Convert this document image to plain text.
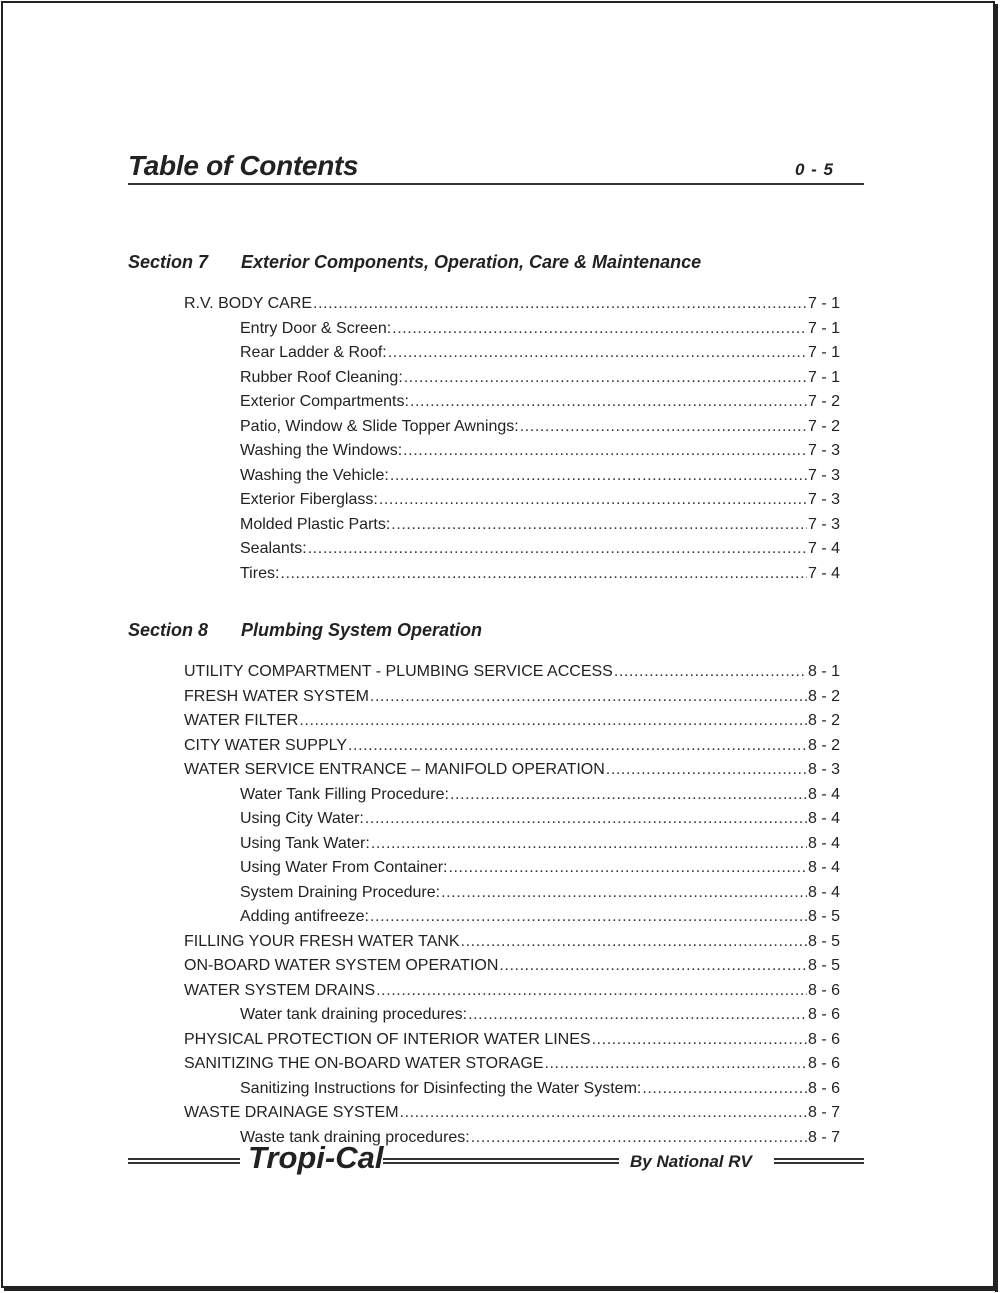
Table of Contents	0 - 5
Section 7 Exterior Components, Operation, Care & Maintenance
Section 8 Plumbing System Operation
R.V. BODY CARE .....	7 - 1
Entry Door & Screen: .....	7 - 1
Rear Ladder & Roof: .....	7 - 1
Rubber Roof Cleaning: .....	7 - 1
Exterior Compartments: .....	7 - 2
Patio, Window & Slide Topper Awnings: .....	7 - 2
Washing the Windows: .....	7 - 3
Washing the Vehicle: .....	7 - 3
Exterior Fiberglass: .....	7 - 3
Molded Plastic Parts: .....	7 - 3
Sealants: .....	7 - 4
Tires: .....	7 - 4
UTILITY COMPARTMENT - PLUMBING SERVICE ACCESS .....	8 - 1
FRESH WATER SYSTEM .....	8 - 2
WATER FILTER .....	8 - 2
CITY WATER SUPPLY .....	8 - 2
WATER SERVICE ENTRANCE – MANIFOLD OPERATION .....	8 - 3
Water Tank Filling Procedure: .....	8 - 4
Using City Water: .....	8 - 4
Using Tank Water: .....	8 - 4
Using Water From Container: .....	8 - 4
System Draining Procedure: .....	8 - 4
Adding antifreeze: .....	8 - 5
FILLING YOUR FRESH WATER TANK .....	8 - 5
ON-BOARD WATER SYSTEM OPERATION .....	8 - 5
WATER SYSTEM DRAINS .....	8 - 6
Water tank draining procedures: .....	8 - 6
PHYSICAL PROTECTION OF INTERIOR WATER LINES .....	8 - 6
SANITIZING THE ON-BOARD WATER STORAGE .....	8 - 6
Sanitizing Instructions for Disinfecting the Water System: .....	8 - 6
WASTE DRAINAGE SYSTEM .....	8 - 7
Waste tank draining procedures: .....	8 - 7
Tropi-Cal	By National RV
